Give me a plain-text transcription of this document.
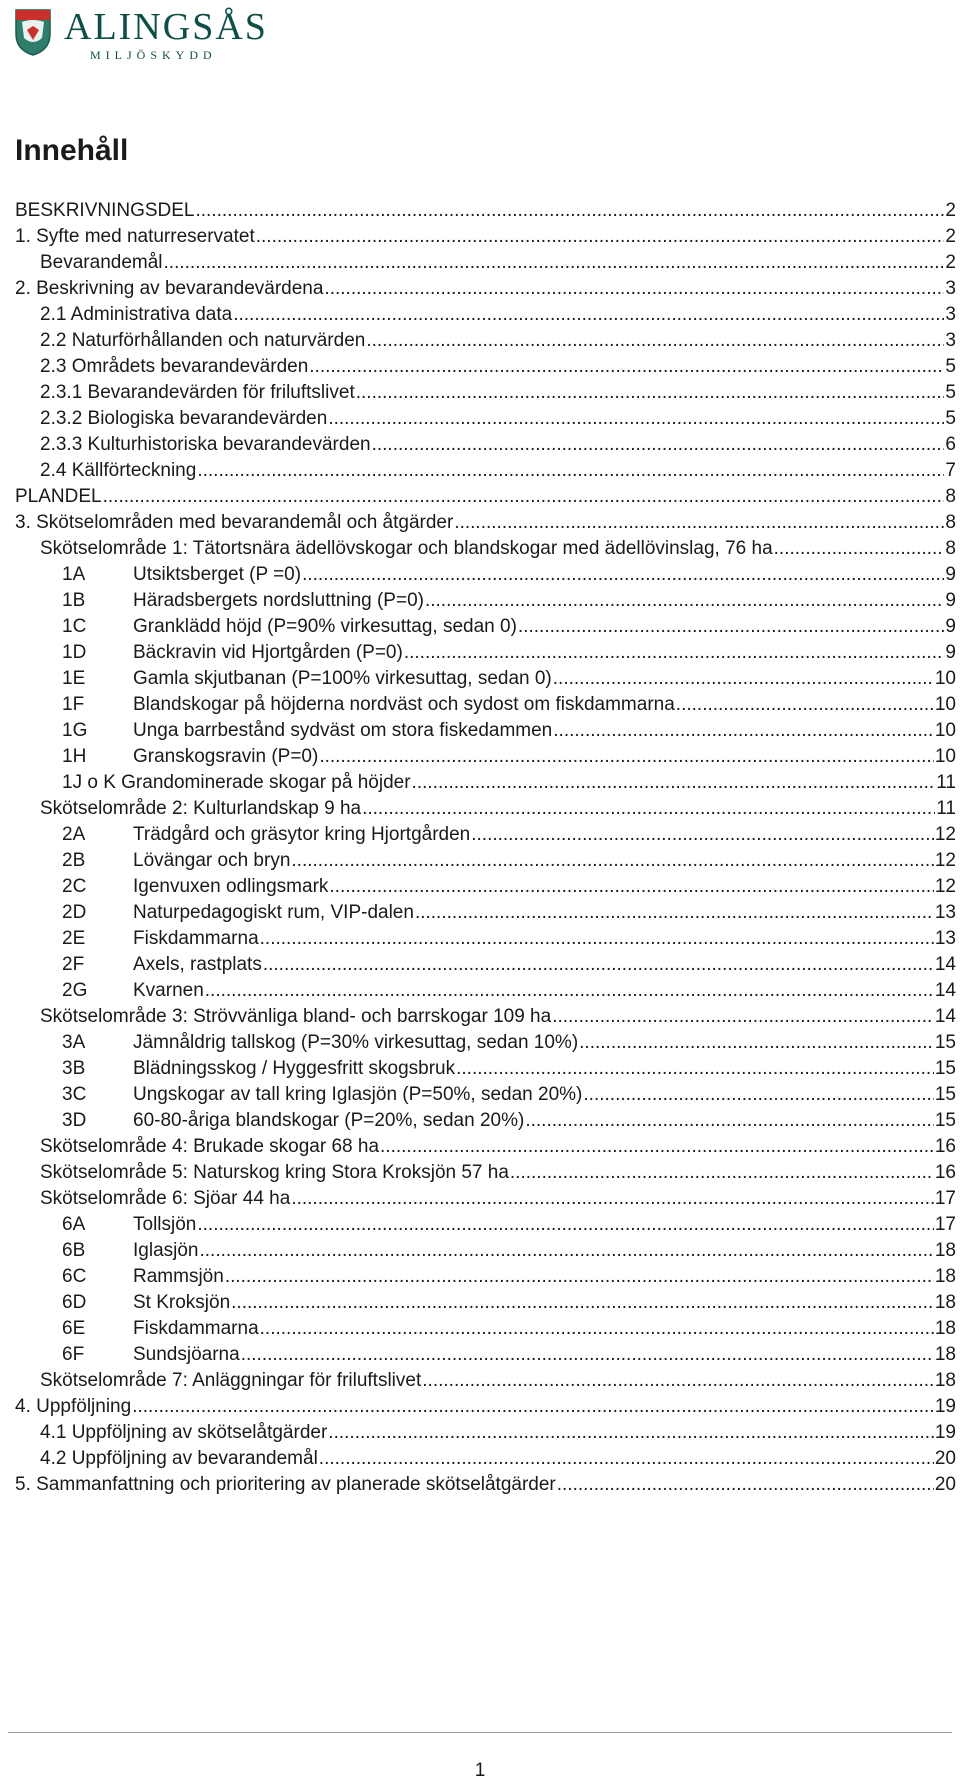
ALINGSÅS
MILJÖSKYDD
Innehåll
BESKRIVNINGSDEL .....	2
1. Syfte med naturreservatet .....	2
Bevarandemål .....	2
2. Beskrivning av bevarandevärdena .....	3
2.1 Administrativa data .....	3
2.2 Naturförhållanden och naturvärden .....	3
2.3 Områdets bevarandevärden .....	5
2.3.1 Bevarandevärden för friluftslivet .....	5
2.3.2 Biologiska bevarandevärden .....	5
2.3.3 Kulturhistoriska bevarandevärden .....	6
2.4 Källförteckning .....	7
PLANDEL .....	8
3. Skötselområden med bevarandemål och åtgärder .....	8
Skötselområde 1: Tätortsnära ädellövskogar och blandskogar med ädellövinslag, 76 ha .....	8
1A	Utsiktsberget (P =0) .....	9
1B	Häradsbergets nordsluttning (P=0) .....	9
1C	Granklädd höjd (P=90% virkesuttag, sedan 0) .....	9
1D	Bäckravin vid Hjortgården (P=0) .....	9
1E	Gamla skjutbanan (P=100% virkesuttag, sedan 0) .....	10
1F	Blandskogar på höjderna nordväst och sydost om fiskdammarna .....	10
1G	Unga barrbestånd sydväst om stora fiskedammen .....	10
1H	Granskogsravin (P=0) .....	10
1J o K Grandominerade skogar på höjder .....	11
Skötselområde 2: Kulturlandskap 9 ha .....	11
2A	Trädgård och gräsytor kring Hjortgården .....	12
2B	Lövängar och bryn .....	12
2C	Igenvuxen odlingsmark .....	12
2D	Naturpedagogiskt rum, VIP-dalen .....	13
2E	Fiskdammarna .....	13
2F	Axels, rastplats .....	14
2G	Kvarnen .....	14
Skötselområde 3: Strövvänliga bland- och barrskogar 109 ha .....	14
3A	Jämnåldrig tallskog (P=30% virkesuttag, sedan 10%) .....	15
3B	Blädningsskog / Hyggesfritt skogsbruk .....	15
3C	Ungskogar av tall kring Iglasjön (P=50%, sedan 20%) .....	15
3D	60-80-åriga blandskogar (P=20%, sedan 20%) .....	15
Skötselområde 4: Brukade skogar 68 ha .....	16
Skötselområde 5: Naturskog kring Stora Kroksjön 57 ha .....	16
Skötselområde 6: Sjöar 44 ha .....	17
6A	Tollsjön .....	17
6B	Iglasjön .....	18
6C	Rammsjön .....	18
6D	St Kroksjön .....	18
6E	Fiskdammarna .....	18
6F	Sundsjöarna .....	18
Skötselområde 7: Anläggningar för friluftslivet .....	18
4. Uppföljning .....	19
4.1 Uppföljning av skötselåtgärder .....	19
4.2 Uppföljning av bevarandemål .....	20
5. Sammanfattning och prioritering av planerade skötselåtgärder .....	20
1
